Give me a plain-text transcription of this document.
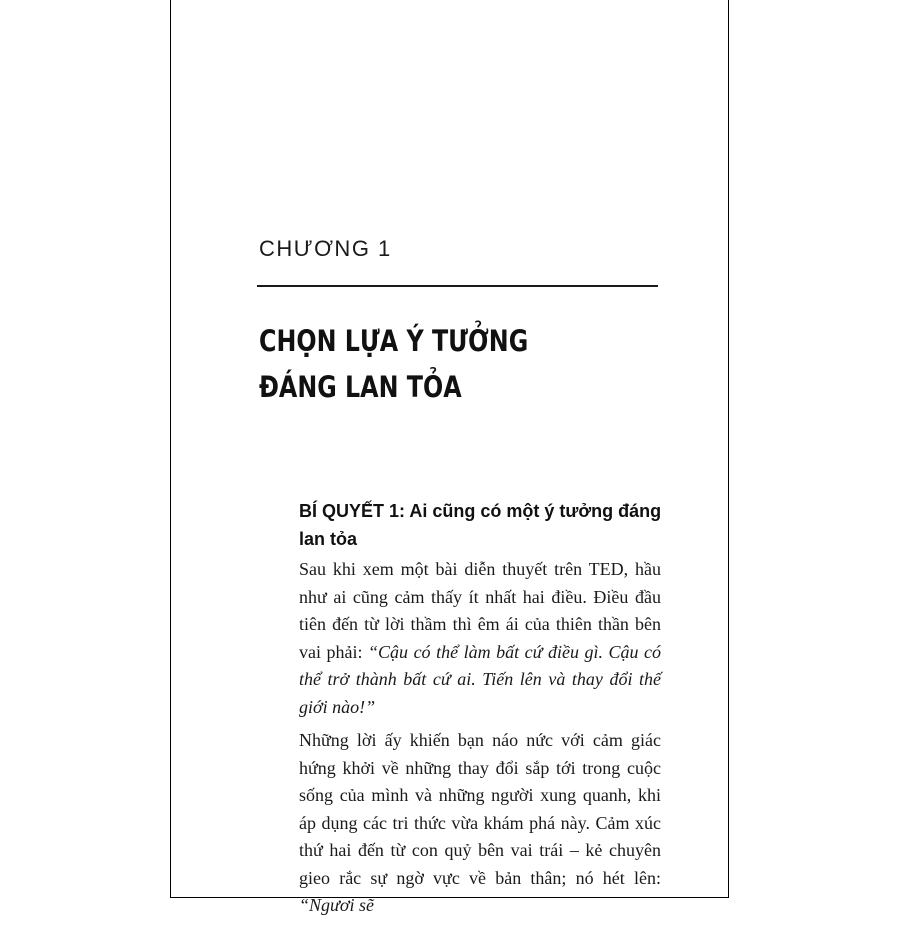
CHƯƠNG 1
CHỌN LỰA Ý TƯỞNG
ĐÁNG LAN TỎA
BÍ QUYẾT 1: Ai cũng có một ý tưởng đáng lan tỏa

Sau khi xem một bài diễn thuyết trên TED, hầu như ai cũng cảm thấy ít nhất hai điều. Điều đầu tiên đến từ lời thầm thì êm ái của thiên thần bên vai phải: “Cậu có thể làm bất cứ điều gì. Cậu có thể trở thành bất cứ ai. Tiến lên và thay đổi thế giới nào!”

Những lời ấy khiến bạn náo nức với cảm giác hứng khởi về những thay đổi sắp tới trong cuộc sống của mình và những người xung quanh, khi áp dụng các tri thức vừa khám phá này. Cảm xúc thứ hai đến từ con quỷ bên vai trái – kẻ chuyên gieo rắc sự ngờ vực về bản thân; nó hét lên: “Ngươi sẽ
